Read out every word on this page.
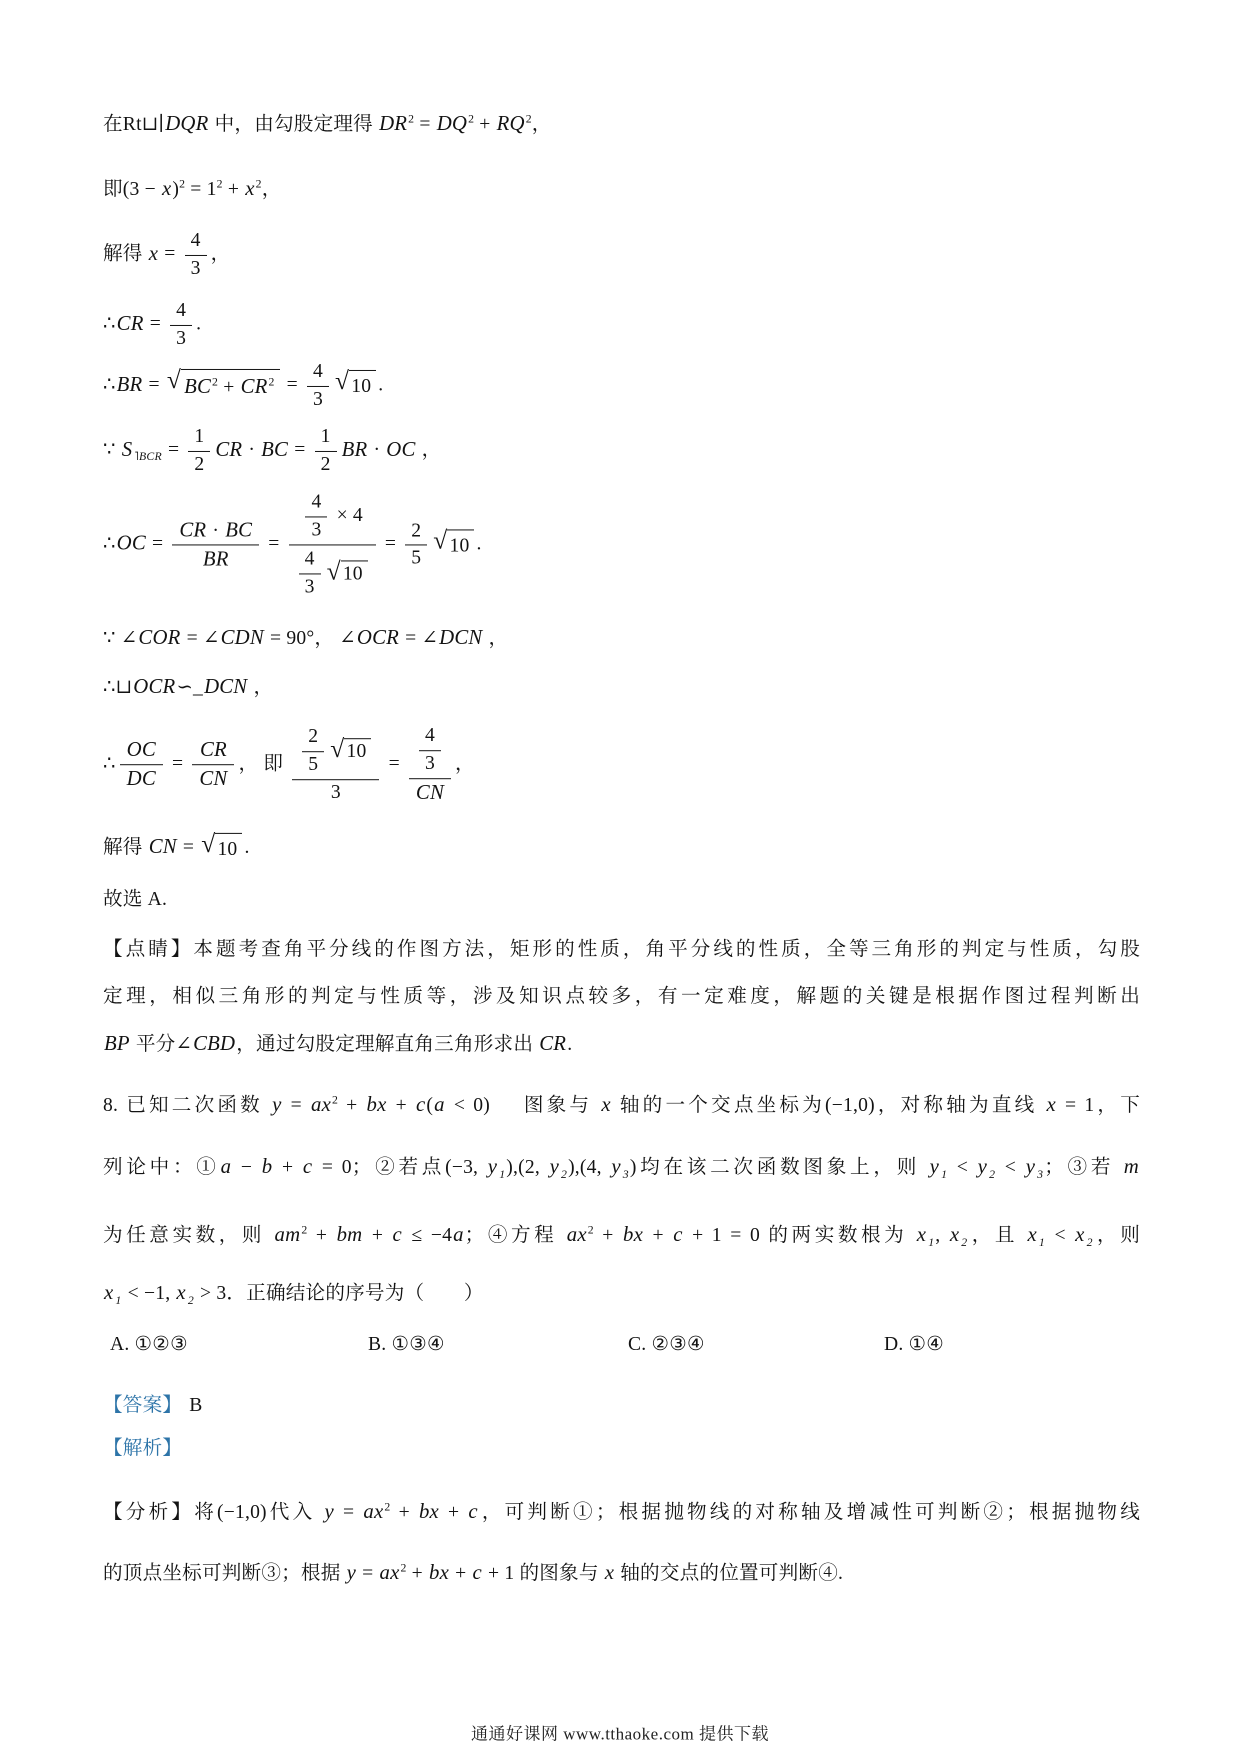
在Rt⊔∣DQR 中，由勾股定理得 $DR^2 = DQ^2 + RQ^2$，
即$(3 - x)^2 = 1^2 + x^2$，
解得 $x = \frac{4}{3}$ ，
∴CR = $\frac{4}{3}$ .
∴BR = √ $BC^2 + CR^2 = \frac{4}{3}$ √ 10 .
∵ S $_{˥BCR} = \frac{1}{2}$ CR · BC = $\frac{1}{2}$ BR · OC ，
∴OC = $\frac{CR \cdot BC}{BR} = \frac{\frac{4}{3} \times 4}{\frac{4}{3} √ 10} = \frac{2}{5}$ √ 10 .
∵ ∠COR = ∠CDN = 90°， ∠OCR = ∠DCN ，
∴⊔OCR∽_DCN ，
∴ $\frac{OC}{DC} = \frac{CR}{CN}$ ， 即 $\frac{\frac{2}{5} √ 10}{3} = \frac{\frac{4}{3}}{CN}$ ，
解得 CN = √ 10 .
故选 A.
【点睛】本题考查角平分线的作图方法，矩形的性质，角平分线的性质，全等三角形的判定与性质，勾股
定理，相似三角形的判定与性质等，涉及知识点较多，有一定难度，解题的关键是根据作图过程判断出
BP 平分∠CBD，通过勾股定理解直角三角形求出 CR.
8. 已知二次函数 $y = ax^2$ + bx + c(a < 0)　 图象与 x 轴的一个交点坐标为(−1,0)，对称轴为直线 x = 1，下
列论中：①a − b + c = 0；②若点(−3, y $_1$),(2, y $_2$),(4, y $_3$)均在该二次函数图象上，则 y $_1$ < y $_2$ < y $_3$；③若 m
为任意实数，则 $am^2$ + bm + c ≤ −4a；④方程 $ax^2$ + bx + c + 1 = 0 的两实数根为 x $_1$, x $_2$，且 x $_1$ < x $_2$，则
x $_1$ < −1, x $_2$ > 3．正确结论的序号为（　　）
A. ①②③	B. ①③④	C. ②③④	D. ①④
【答案】 B
【解析】
【分析】将(−1,0)代入 $y = ax^2$ + bx + c，可判断①；根据抛物线的对称轴及增减性可判断②；根据抛物线
的顶点坐标可判断③；根据 $y = ax^2$ + bx + c + 1 的图象与 x 轴的交点的位置可判断④.
通通好课网 www.tthaoke.com 提供下载
